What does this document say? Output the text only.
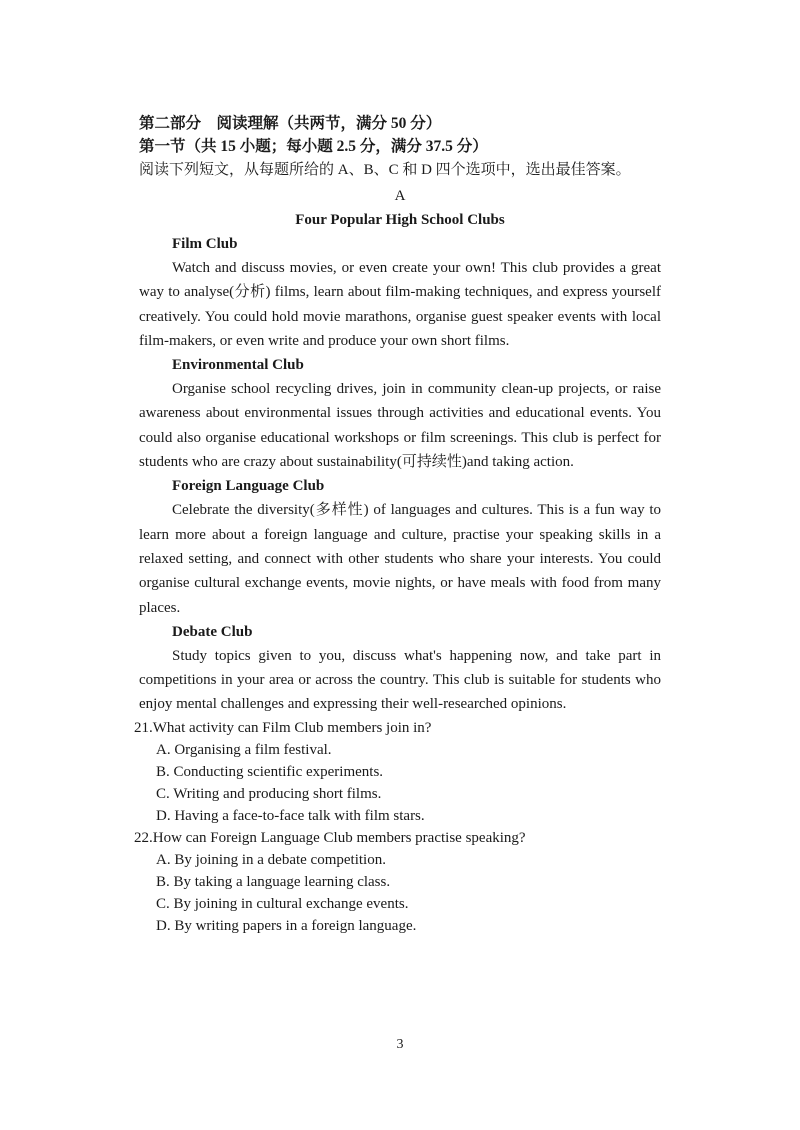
第二部分　阅读理解（共两节，满分 50 分）
第一节（共 15 小题；每小题 2.5 分，满分 37.5 分）
阅读下列短文，从每题所给的 A、B、C 和 D 四个选项中，选出最佳答案。
A
Four Popular High School Clubs
Film Club

Watch and discuss movies, or even create your own! This club provides a great way to analyse(分析) films, learn about film-making techniques, and express yourself creatively. You could hold movie marathons, organise guest speaker events with local film-makers, or even write and produce your own short films.

Environmental Club

Organise school recycling drives, join in community clean-up projects, or raise awareness about environmental issues through activities and educational events. You could also organise educational workshops or film screenings. This club is perfect for students who are crazy about sustainability(可持续性)and taking action.

Foreign Language Club

Celebrate the diversity(多样性) of languages and cultures. This is a fun way to learn more about a foreign language and culture, practise your speaking skills in a relaxed setting, and connect with other students who share your interests. You could organise cultural exchange events, movie nights, or have meals with food from many places.

Debate Club

Study topics given to you, discuss what's happening now, and take part in competitions in your area or across the country. This club is suitable for students who enjoy mental challenges and expressing their well-researched opinions.

21.What activity can Film Club members join in?
A. Organising a film festival.
B. Conducting scientific experiments.
C. Writing and producing short films.
D. Having a face-to-face talk with film stars.
22.How can Foreign Language Club members practise speaking?
A. By joining in a debate competition.
B. By taking a language learning class.
C. By joining in cultural exchange events.
D. By writing papers in a foreign language.
3
